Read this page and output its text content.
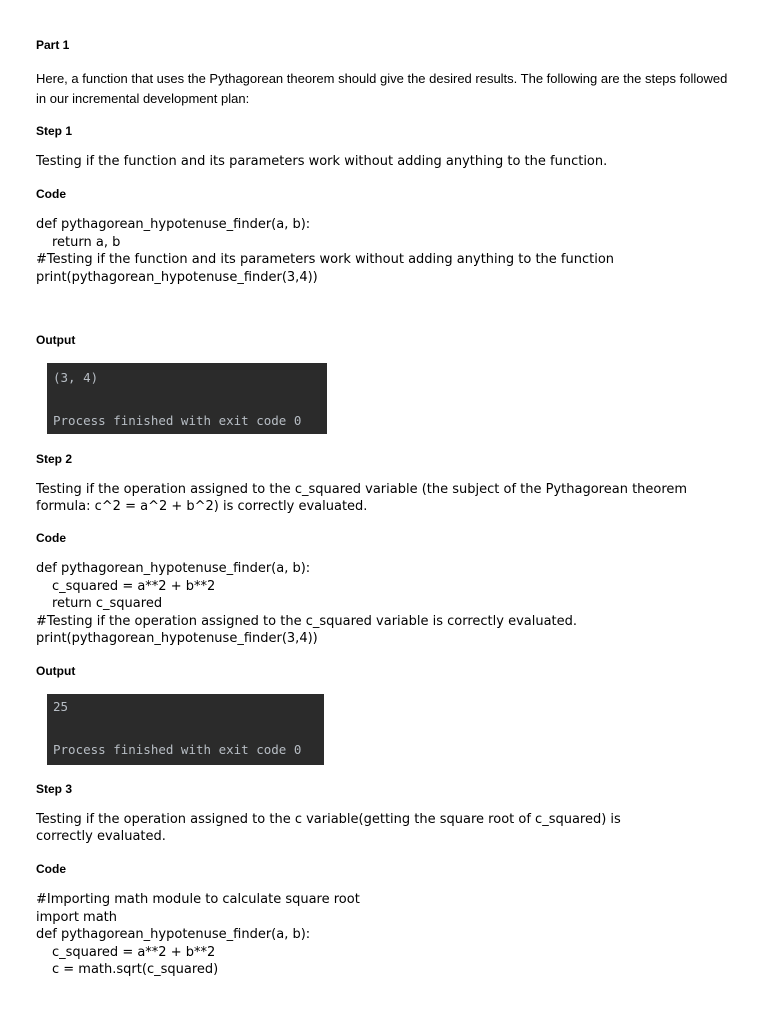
Part 1
Here, a function that uses the Pythagorean theorem should give the desired results. The following are the steps followed in our incremental development plan:
Step 1
Testing if the function and its parameters work without adding anything to the function.
Code
def pythagorean_hypotenuse_finder(a, b):
return a, b
#Testing if the function and its parameters work without adding anything to the function
print(pythagorean_hypotenuse_finder(3,4))
Output
(3, 4)
Process finished with exit code 0
Step 2
Testing if the operation assigned to the c_squared variable (the subject of the Pythagorean theorem formula: c^2 = a^2 + b^2) is correctly evaluated.
Code
def pythagorean_hypotenuse_finder(a, b):
c_squared = a**2 + b**2
return c_squared
#Testing if the operation assigned to the c_squared variable is correctly evaluated.
print(pythagorean_hypotenuse_finder(3,4))
Output
25
Process finished with exit code 0
Step 3
Testing if the operation assigned to the c variable(getting the square root of c_squared) is correctly evaluated.
Code
#Importing math module to calculate square root
import math
def pythagorean_hypotenuse_finder(a, b):
c_squared = a**2 + b**2
c = math.sqrt(c_squared)
